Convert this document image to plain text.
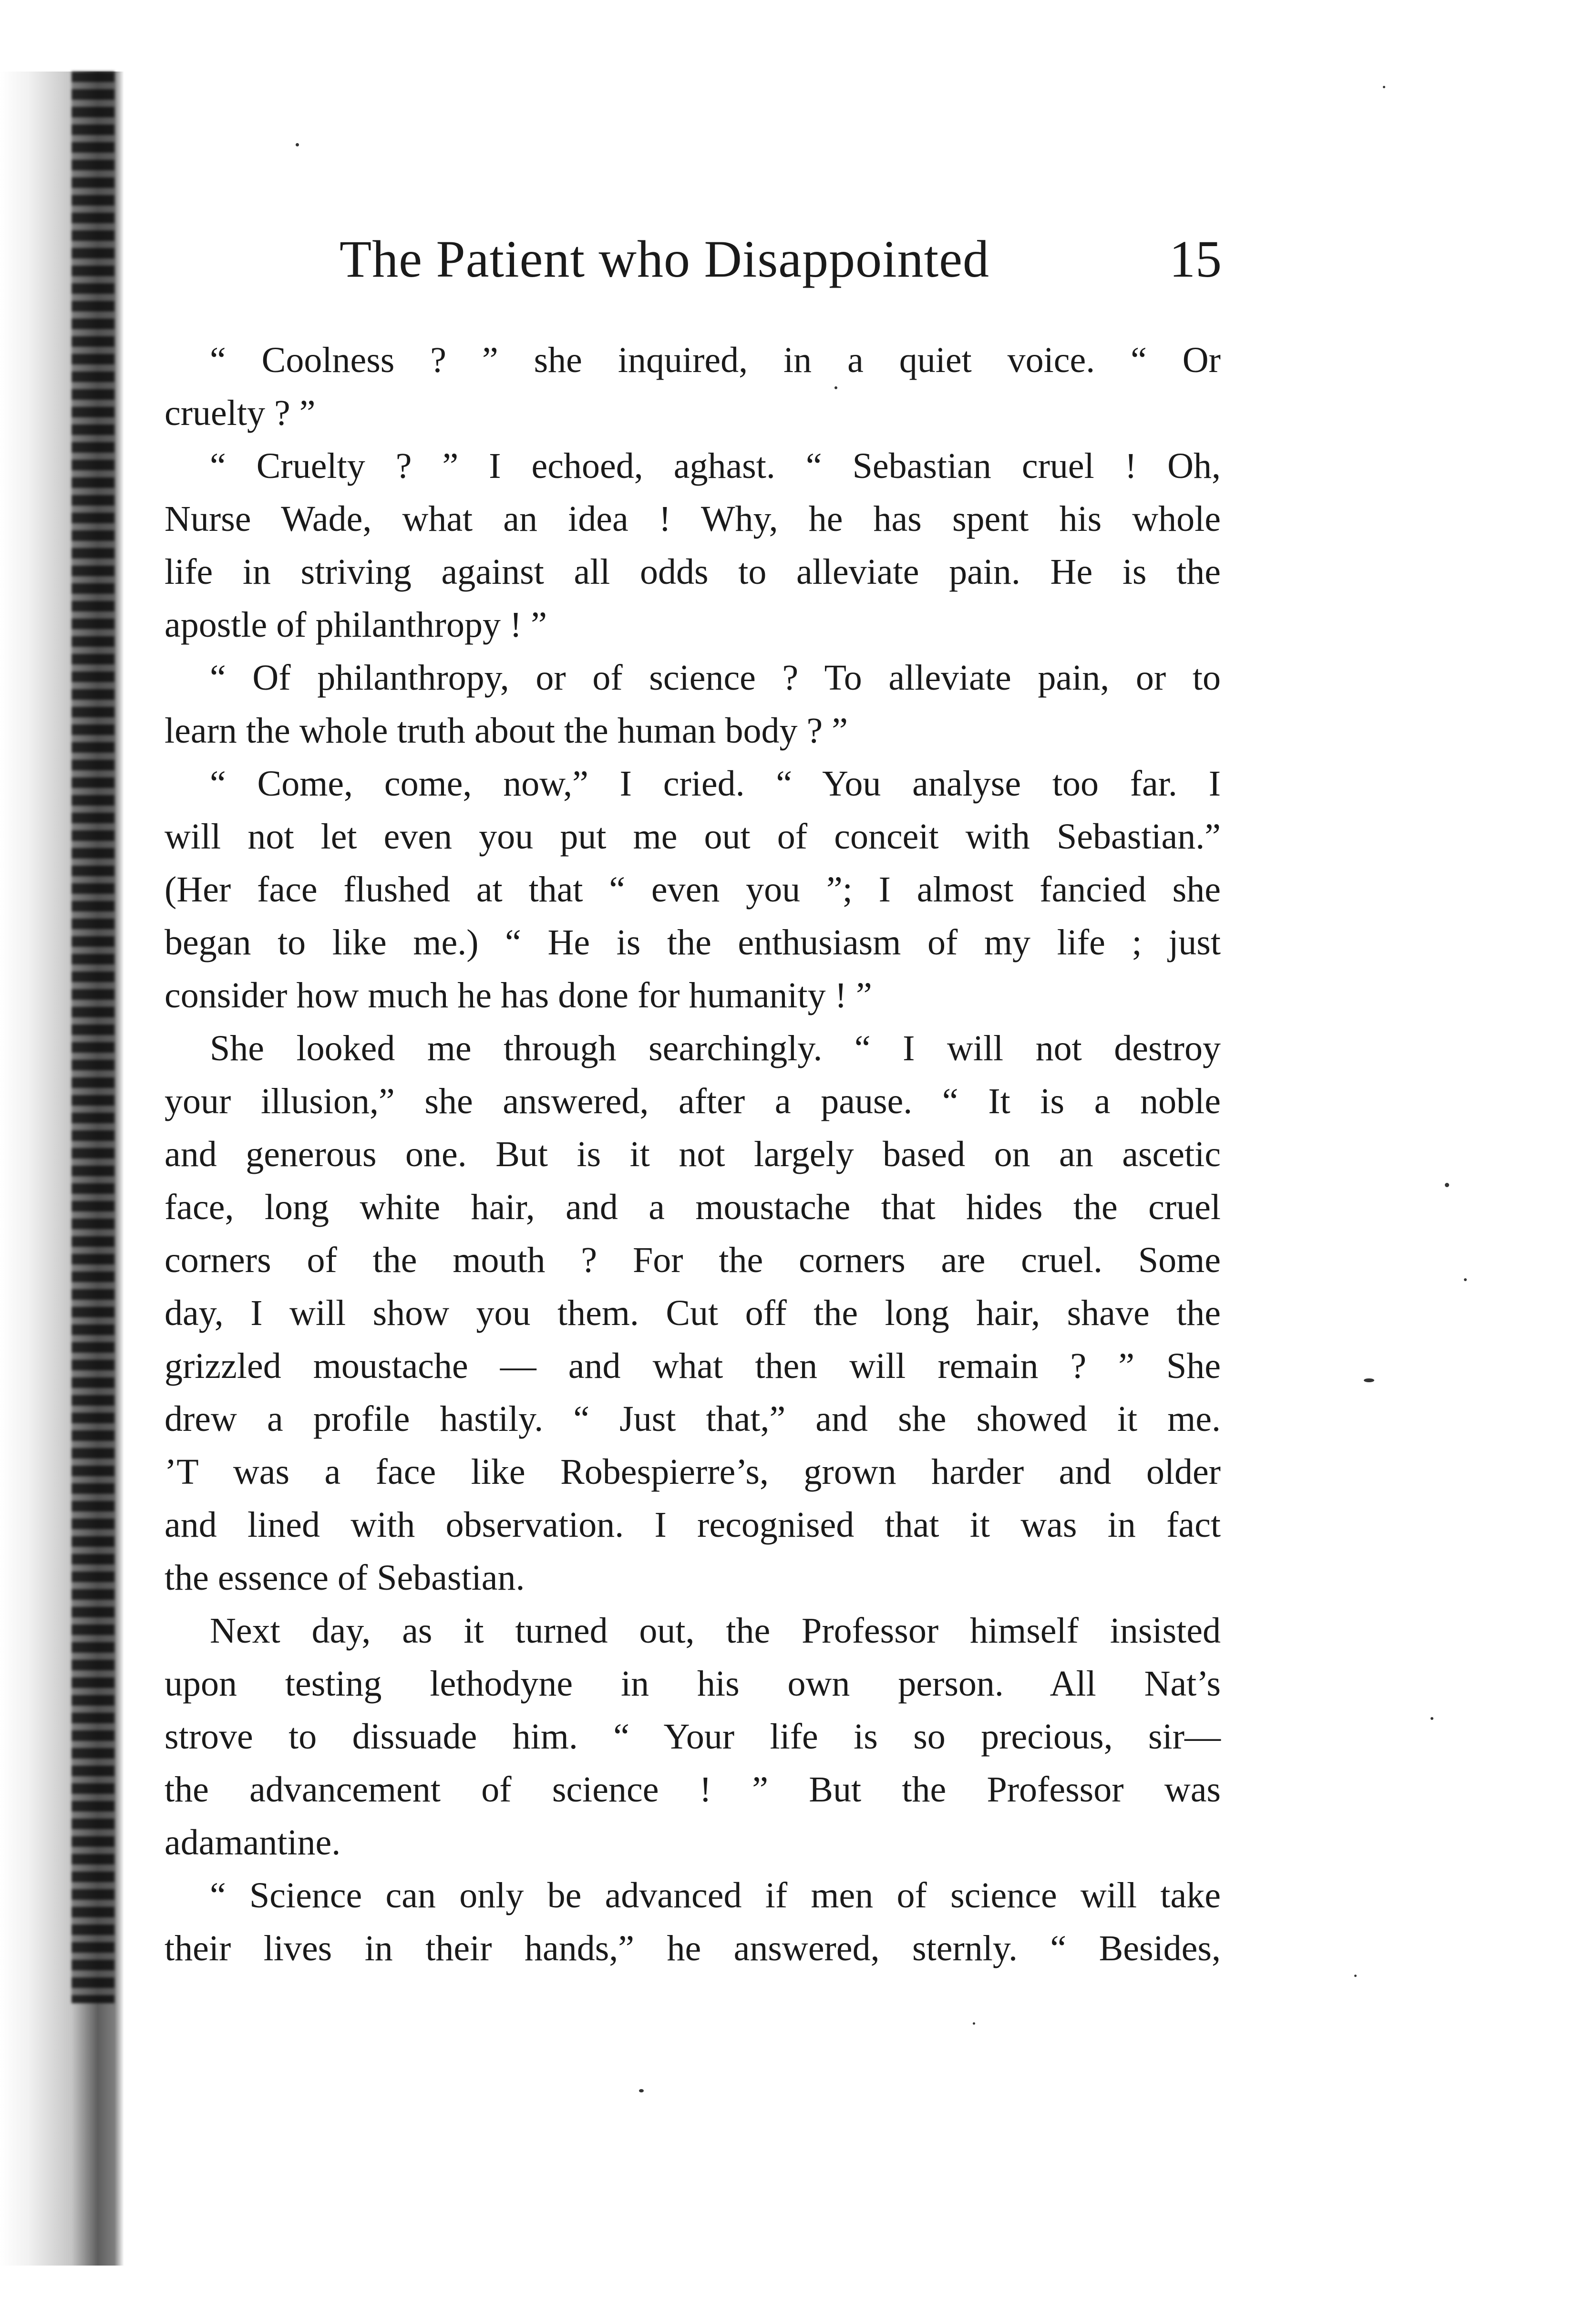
The Patient who Disappointed	15
“ Coolness ? ” she inquired, in a quiet voice. “ Or
cruelty ? ”
“ Cruelty ? ” I echoed, aghast. “ Sebastian cruel ! Oh,
Nurse Wade, what an idea ! Why, he has spent his whole
life in striving against all odds to alleviate pain. He is the
apostle of philanthropy ! ”
“ Of philanthropy, or of science ? To alleviate pain, or to
learn the whole truth about the human body ? ”
“ Come, come, now,” I cried. “ You analyse too far. I
will not let even you put me out of conceit with Sebastian.”
(Her face flushed at that “ even you ”; I almost fancied she
began to like me.) “ He is the enthusiasm of my life ; just
consider how much he has done for humanity ! ”
She looked me through searchingly. “ I will not destroy
your illusion,” she answered, after a pause. “ It is a noble
and generous one. But is it not largely based on an ascetic
face, long white hair, and a moustache that hides the cruel
corners of the mouth ? For the corners are cruel. Some
day, I will show you them. Cut off the long hair, shave the
grizzled moustache — and what then will remain ? ” She
drew a profile hastily. “ Just that,” and she showed it me.
’T was a face like Robespierre’s, grown harder and older
and lined with observation. I recognised that it was in fact
the essence of Sebastian.
Next day, as it turned out, the Professor himself insisted
upon testing lethodyne in his own person. All Nat’s
strove to dissuade him. “ Your life is so precious, sir—
the advancement of science ! ” But the Professor was
adamantine.
“ Science can only be advanced if men of science will take
their lives in their hands,” he answered, sternly. “ Besides,
